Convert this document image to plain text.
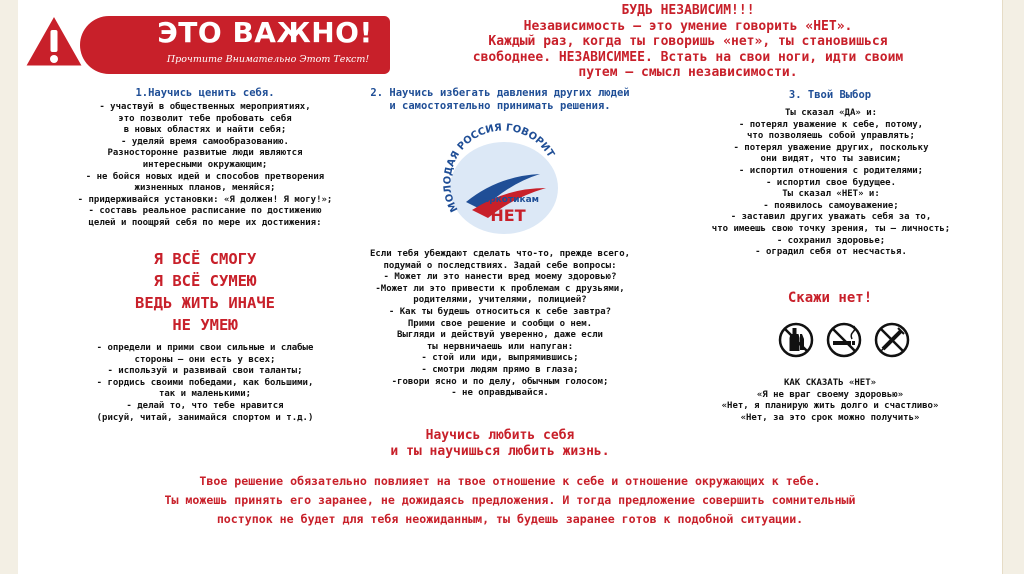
ЭТО ВАЖНО!
Прочтите Внимательно Этот Текст!
БУДЬ НЕЗАВИСИМ!!!
Независимость – это умение говорить «НЕТ».
Каждый раз, когда ты говоришь «нет», ты становишься
свободнее. НЕЗАВИСИМЕЕ. Встать на свои ноги, идти своим
путем – смысл независимости.
1.Научись ценить себя.
- участвуй в общественных мероприятиях,
это позволит тебе пробовать себя
в новых областях и найти себя;
- уделяй время самообразованию.
Разносторонне развитые люди являются
интересными окружающим;
- не бойся новых идей и способов претворения
жизненных планов, меняйся;
- придерживайся установки: «Я должен! Я могу!»;
- составь реальное расписание по достижению
целей и поощряй себя по мере их достижения:
Я ВСЁ СМОГУ
Я ВСЁ СУМЕЮ
ВЕДЬ ЖИТЬ ИНАЧЕ
НЕ УМЕЮ
- определи и прими свои сильные и слабые
стороны – они есть у всех;
- используй и развивай свои таланты;
- гордись своими победами, как большими,
так и маленькими;
- делай то, что тебе нравится
(рисуй, читай, занимайся спортом и т.д.)
2. Научись избегать давления других людей
и самостоятельно принимать решения.
МОЛОДАЯ РОССИЯ ГОВОРИТ
наркотикам
НЕТ
Если тебя убеждают сделать что-то, прежде всего,
подумай о последствиях. Задай себе вопросы:
- Может ли это нанести вред моему здоровью?
-Может ли это привести к проблемам с друзьями,
родителями, учителями, полицией?
- Как ты будешь относиться к себе завтра?
Прими свое решение и сообщи о нем.
Выгляди и действуй уверенно, даже если
ты нервничаешь или напуган:
- стой или иди, выпрямившись;
- смотри людям прямо в глаза;
-говори ясно и по делу, обычным голосом;
- не оправдывайся.
Научись любить себя
и ты научишься любить жизнь.
3. Твой Выбор
Ты сказал «ДА» и:
- потерял уважение к себе, потому,
что позволяешь собой управлять;
- потерял уважение других, поскольку
они видят, что ты зависим;
- испортил отношения с родителями;
- испортил свое будущее.
Ты сказал «НЕТ» и:
- появилось самоуважение;
- заставил других уважать себя за то,
что имеешь свою точку зрения, ты – личность;
- сохранил здоровье;
- оградил себя от несчастья.
Скажи нет!
КАК СКАЗАТЬ «НЕТ»
«Я не враг своему здоровью»
«Нет, я планирую жить долго и счастливо»
«Нет, за это срок можно получить»
Твое решение обязательно повлияет на твое отношение к себе и отношение окружающих к тебе.
Ты можешь принять его заранее, не дожидаясь предложения. И тогда предложение совершить сомнительный
поступок не будет для тебя неожиданным, ты будешь заранее готов к подобной ситуации.
